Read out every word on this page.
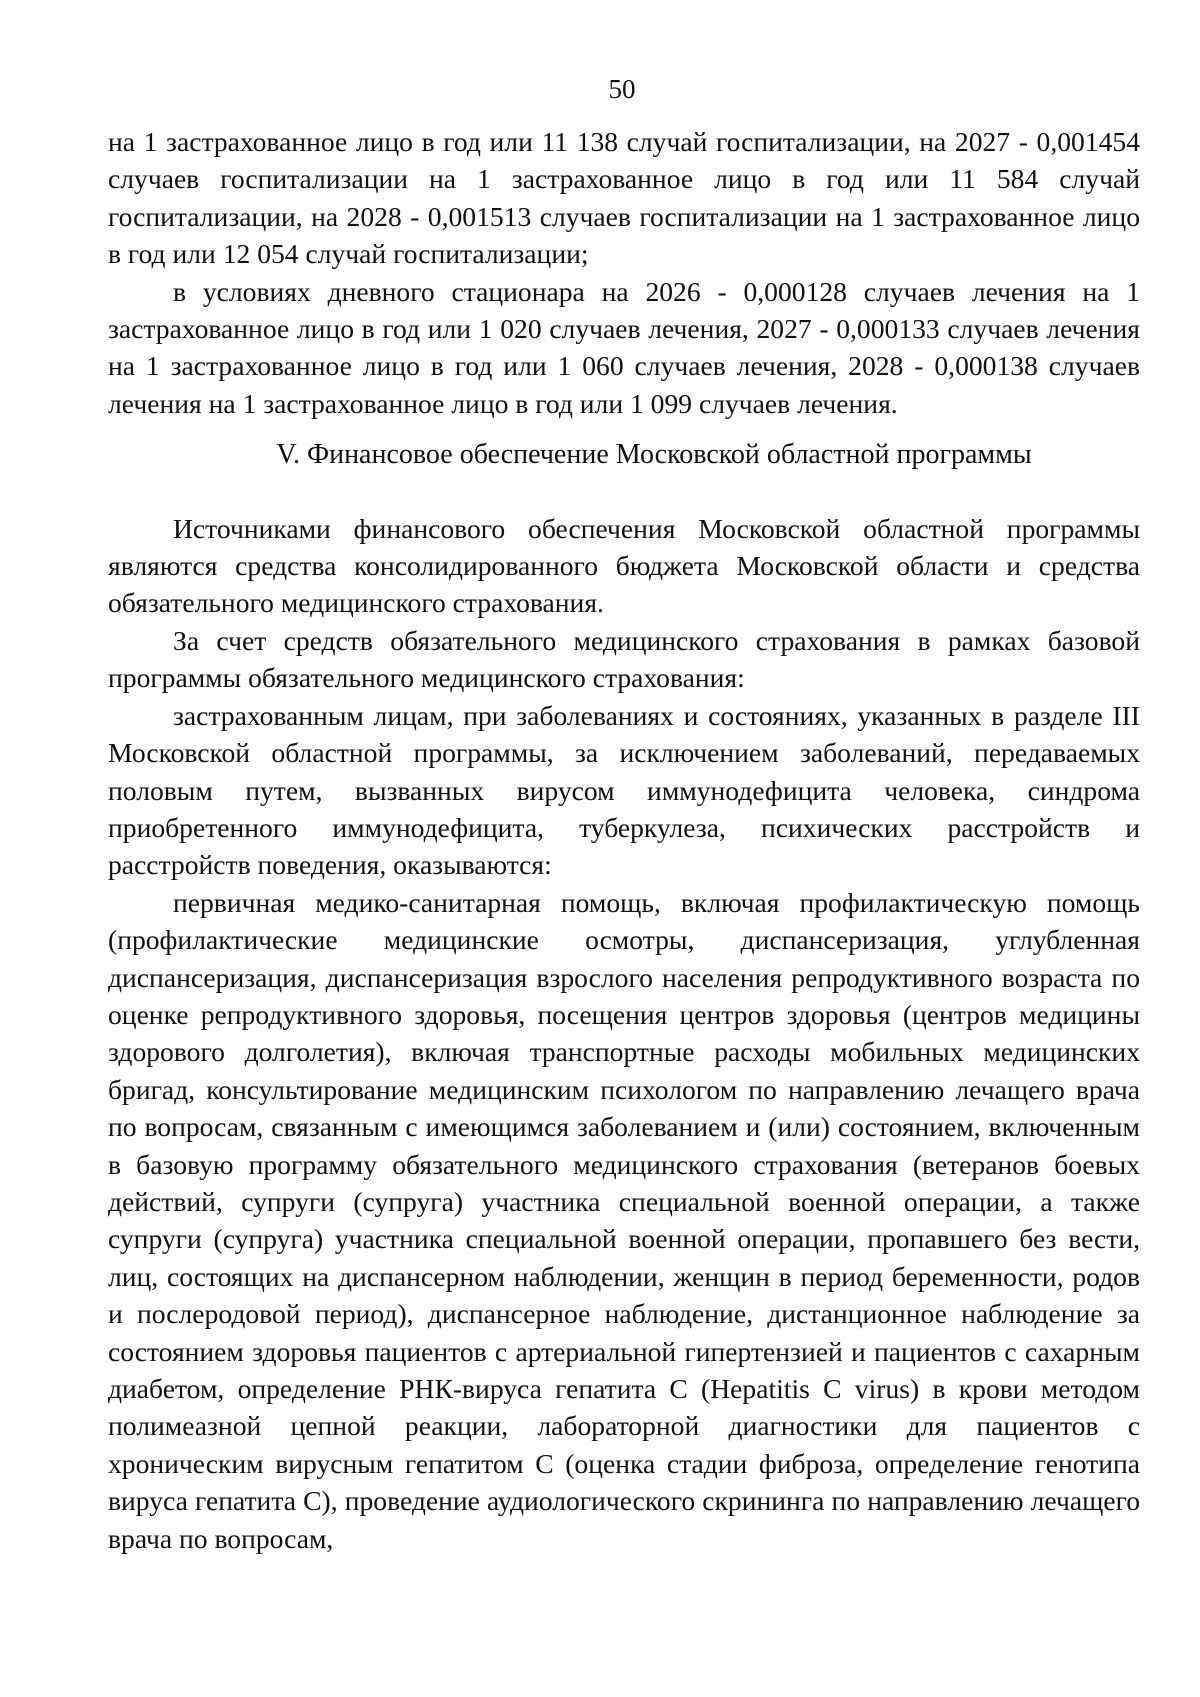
50

на 1 застрахованное лицо в год или 11 138 случай госпитализации, на 2027 - 0,001454 случаев госпитализации на 1 застрахованное лицо в год или 11 584 случай госпитализации, на 2028 - 0,001513 случаев госпитализации на 1 застрахованное лицо в год или 12 054 случай госпитализации;

в условиях дневного стационара на 2026 - 0,000128 случаев лечения на 1 застрахованное лицо в год или 1 020 случаев лечения, 2027 - 0,000133 случаев лечения на 1 застрахованное лицо в год или 1 060 случаев лечения, 2028 - 0,000138 случаев лечения на 1 застрахованное лицо в год или 1 099 случаев лечения.

V. Финансовое обеспечение Московской областной программы

Источниками финансового обеспечения Московской областной программы являются средства консолидированного бюджета Московской области и средства обязательного медицинского страхования.

За счет средств обязательного медицинского страхования в рамках базовой программы обязательного медицинского страхования:

застрахованным лицам, при заболеваниях и состояниях, указанных в разделе III Московской областной программы, за исключением заболеваний, передаваемых половым путем, вызванных вирусом иммунодефицита человека, синдрома приобретенного иммунодефицита, туберкулеза, психических расстройств и расстройств поведения, оказываются:

первичная медико-санитарная помощь, включая профилактическую помощь (профилактические медицинские осмотры, диспансеризация, углубленная диспансеризация, диспансеризация взрослого населения репродуктивного возраста по оценке репродуктивного здоровья, посещения центров здоровья (центров медицины здорового долголетия), включая транспортные расходы мобильных медицинских бригад, консультирование медицинским психологом по направлению лечащего врача по вопросам, связанным с имеющимся заболеванием и (или) состоянием, включенным в базовую программу обязательного медицинского страхования (ветеранов боевых действий, супруги (супруга) участника специальной военной операции, а также супруги (супруга) участника специальной военной операции, пропавшего без вести, лиц, состоящих на диспансерном наблюдении, женщин в период беременности, родов и послеродовой период), диспансерное наблюдение, дистанционное наблюдение за состоянием здоровья пациентов с артериальной гипертензией и пациентов с сахарным диабетом, определение РНК-вируса гепатита С (Hepatitis C virus) в крови методом полимеазной цепной реакции, лабораторной диагностики для пациентов с хроническим вирусным гепатитом С (оценка стадии фиброза, определение генотипа вируса гепатита С), проведение аудиологического скрининга по направлению лечащего врача по вопросам,
